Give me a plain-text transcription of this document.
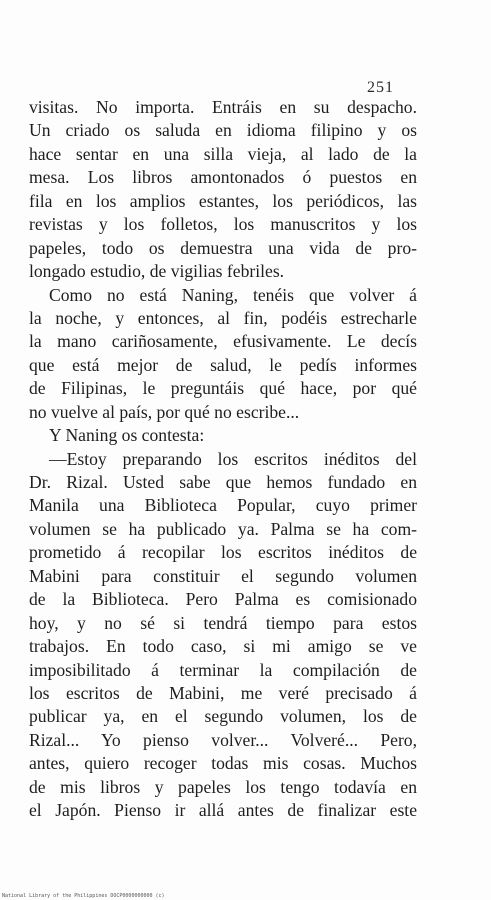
251
visitas. No importa. Entráis en su despacho.
Un criado os saluda en idioma filipino y os
hace sentar en una silla vieja, al lado de la
mesa. Los libros amontonados ó puestos en
fila en los amplios estantes, los periódicos, las
revistas y los folletos, los manuscritos y los
papeles, todo os demuestra una vida de pro-
longado estudio, de vigilias febriles.
Como no está Naning, tenéis que volver á
la noche, y entonces, al fin, podéis estrecharle
la mano cariñosamente, efusivamente. Le decís
que está mejor de salud, le pedís informes
de Filipinas, le preguntáis qué hace, por qué
no vuelve al país, por qué no escribe...
Y Naning os contesta:
—Estoy preparando los escritos inéditos del
Dr. Rizal. Usted sabe que hemos fundado en
Manila una Biblioteca Popular, cuyo primer
volumen se ha publicado ya. Palma se ha com-
prometido á recopilar los escritos inéditos de
Mabini para constituir el segundo volumen
de la Biblioteca. Pero Palma es comisionado
hoy, y no sé si tendrá tiempo para estos
trabajos. En todo caso, si mi amigo se ve
imposibilitado á terminar la compilación de
los escritos de Mabini, me veré precisado á
publicar ya, en el segundo volumen, los de
Rizal... Yo pienso volver... Volveré... Pero,
antes, quiero recoger todas mis cosas. Muchos
de mis libros y papeles los tengo todavía en
el Japón. Pienso ir allá antes de finalizar este
National Library of the Philippines DOCP0000000000 (c)
